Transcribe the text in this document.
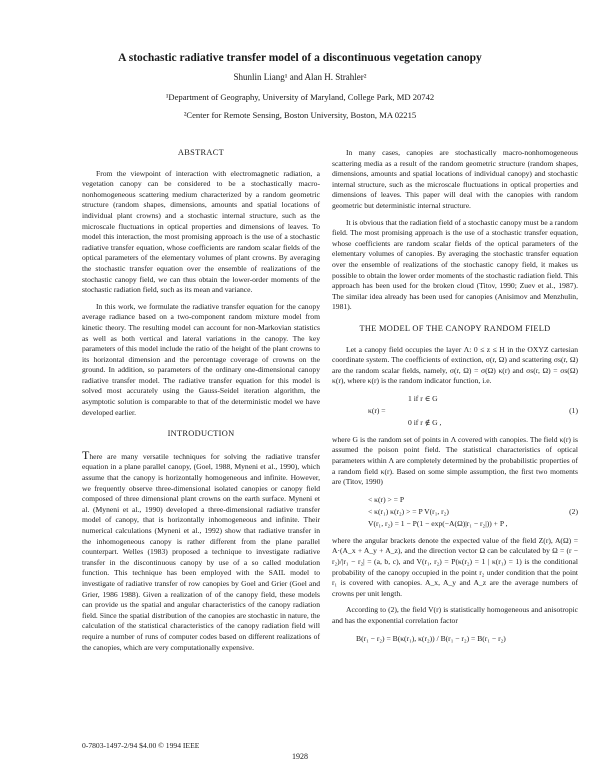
A stochastic radiative transfer model of a discontinuous vegetation canopy
Shunlin Liang¹ and Alan H. Strahler²
¹Department of Geography, University of Maryland, College Park, MD 20742
²Center for Remote Sensing, Boston University, Boston, MA 02215
ABSTRACT

From the viewpoint of interaction with electromagnetic radiation, a vegetation canopy can be considered to be a stochastically macro-nonhomogeneous scattering medium characterized by a random geometric structure (random shapes, dimensions, amounts and spatial locations of individual plant crowns) and a stochastic internal structure, such as the microscale fluctuations in optical properties and dimensions of leaves. To model this interaction, the most promising approach is the use of a stochastic radiative transfer equation, whose coefficients are random scalar fields of the optical parameters of the elementary volumes of plant crowns. By averaging the stochastic transfer equation over the ensemble of realizations of the stochastic canopy field, we can thus obtain the lower-order moments of the stochastic radiation field, such as its mean and variance.

In this work, we formulate the radiative transfer equation for the canopy average radiance based on a two-component random mixture model from kinetic theory. The resulting model can account for non-Markovian statistics as well as both vertical and lateral variations in the canopy. The key parameters of this model include the ratio of the height of the plant crowns to its horizontal dimension and the percentage coverage of crowns on the ground. In addition, so parameters of the ordinary one-dimensional canopy radiative transfer model. The radiative transfer equation for this model is solved most accurately using the Gauss-Seidel iteration algorithm, the asymptotic solution is comparable to that of the deterministic model we have developed earlier.

INTRODUCTION

There are many versatile techniques for solving the radiative transfer equation in a plane parallel canopy, (Goel, 1988, Myneni et al., 1990), which assume that the canopy is horizontally homogeneous and infinite. However, we frequently observe three-dimensional isolated canopies or canopy field composed of three dimensional plant crowns on the earth surface. Myneni et al. (Myneni et al., 1990) developed a three-dimensional radiative transfer model of canopy, that is horizontally inhomogeneous and infinite. Their numerical calculations (Myneni et al., 1992) show that radiative transfer in the inhomogeneous canopy is rather different from the plane parallel counterpart. Welles (1983) proposed a technique to investigate radiative transfer in the discontinuous canopy by use of a so called modulation function. This technique has been employed with the SAIL model to investigate of radiative transfer of row canopies by Goel and Grier (Goel and Grier, 1986 1988). Given a realization of of the canopy field, these models can provide us the spatial and angular characteristics of the canopy radiation field. Since the spatial distribution of the canopies are stochastic in nature, the calculation of the statistical characteristics of the canopy radiation field will require a number of runs of computer codes based on different realizations of the canopies, which are very computationally expensive.

In many cases, canopies are stochastically macro-nonhomogeneous scattering media as a result of the random geometric structure (random shapes, dimensions, amounts and spatial locations of individual canopy) and stochastic internal structure, such as the microscale fluctuations in optical properties and dimensions of leaves. This paper will deal with the canopies with random geometric but deterministic internal structure.

It is obvious that the radiation field of a stochastic canopy must be a random field. The most promising approach is the use of a stochastic transfer equation, whose coefficients are random scalar fields of the optical parameters of the elementary volumes of canopies. By averaging the stochastic transfer equation over the ensemble of realizations of the stochastic canopy field, it makes us possible to obtain the lower order moments of the stochastic radiation field. This approach has been used for the broken cloud (Titov, 1990; Zuev et al., 1987). The similar idea already has been used for canopies (Anisimov and Menzhulin, 1981).

THE MODEL OF THE CANOPY RANDOM FIELD

Let a canopy field occupies the layer Λ: 0 ≤ z ≤ H in the OXYZ cartesian coordinate system. The coefficients of extinction, σ(r, Ω) and scattering σs(r, Ω) are the random scalar fields, namely, σ(r, Ω) = σ(Ω) κ(r) and σs(r, Ω) = σs(Ω) κ(r), where κ(r) is the random indicator function, i.e.

1 if r ∈ G
κ(r) =	(1)
0 if r ∉ G ,

where G is the random set of points in Λ covered with canopies. The field κ(r) is assumed the poison point field. The statistical characteristics of optical parameters within Λ are completely determined by the probabilistic properties of a random field κ(r). Based on some simple assumption, the first two moments are (Titov, 1990)

< κ(r) > = P
< κ(r₁) κ(r₂) > = P V(r₁, r₂)	(2)
V(r₁, r₂) = 1 − P(1 − exp(−A(Ω)|r₁ − r₂|)) + P ,

where the angular brackets denote the expected value of the field Z(r), A(Ω) = A·(A_x + A_y + A_z), and the direction vector Ω can be calculated by Ω = (r − r₂)/|r₁ − r₂| = (a, b, c), and V(r₁, r₂) = P(κ(r₂) = 1 | κ(r₁) = 1) is the conditional probability of the canopy occupied in the point r₂ under condition that the point r₁ is covered with canopies. A_x, A_y and A_z are the average numbers of crowns per unit length.

According to (2), the field V(r) is statistically homogeneous and anisotropic and has the exponential correlation factor

B(r₁ − r₂) = B(κ(r₁), κ(r₂)) / B(r₁ − r₂) = B(r₁ − r₂)
0-7803-1497-2/94 $4.00 © 1994 IEEE
1928
